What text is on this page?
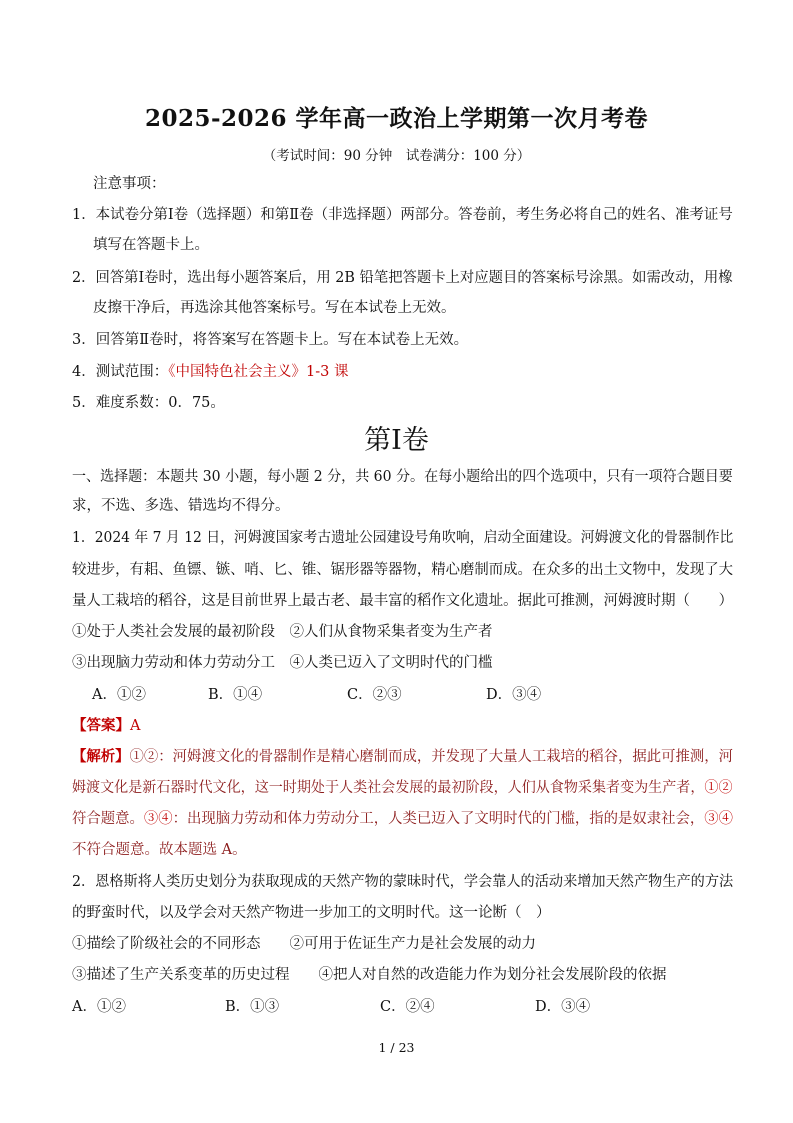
2025-2026 学年高一政治上学期第一次月考卷
（考试时间：90 分钟　试卷满分：100 分）
注意事项：
1．本试卷分第Ⅰ卷（选择题）和第Ⅱ卷（非选择题）两部分。答卷前，考生务必将自己的姓名、准考证号
填写在答题卡上。
2．回答第Ⅰ卷时，选出每小题答案后，用 2B 铅笔把答题卡上对应题目的答案标号涂黑。如需改动，用橡
皮擦干净后，再选涂其他答案标号。写在本试卷上无效。
3．回答第Ⅱ卷时，将答案写在答题卡上。写在本试卷上无效。
4．测试范围：《中国特色社会主义》1-3 课
5．难度系数：0．75。
第Ⅰ卷
一、选择题：本题共 30 小题，每小题 2 分，共 60 分。在每小题给出的四个选项中，只有一项符合题目要
求，不选、多选、错选均不得分。
1．2024 年 7 月 12 日，河姆渡国家考古遗址公园建设号角吹响，启动全面建设。河姆渡文化的骨器制作比
较进步，有耜、鱼镖、镞、哨、匕、锥、锯形器等器物，精心磨制而成。在众多的出土文物中，发现了大
量人工栽培的稻谷，这是目前世界上最古老、最丰富的稻作文化遗址。据此可推测，河姆渡时期（　　）
①处于人类社会发展的最初阶段　②人们从食物采集者变为生产者
③出现脑力劳动和体力劳动分工　④人类已迈入了文明时代的门槛
A．①②	B．①④	C．②③	D．③④
【答案】A
【解析】①②：河姆渡文化的骨器制作是精心磨制而成，并发现了大量人工栽培的稻谷，据此可推测，河
姆渡文化是新石器时代文化，这一时期处于人类社会发展的最初阶段，人们从食物采集者变为生产者，①②
符合题意。③④：出现脑力劳动和体力劳动分工，人类已迈入了文明时代的门槛，指的是奴隶社会，③④
不符合题意。故本题选 A。
2．恩格斯将人类历史划分为获取现成的天然产物的蒙昧时代，学会靠人的活动来增加天然产物生产的方法
的野蛮时代，以及学会对天然产物进一步加工的文明时代。这一论断（　）
①描绘了阶级社会的不同形态　　②可用于佐证生产力是社会发展的动力
③描述了生产关系变革的历史过程　　④把人对自然的改造能力作为划分社会发展阶段的依据
A．①②	B．①③	C．②④	D．③④
1 / 23
